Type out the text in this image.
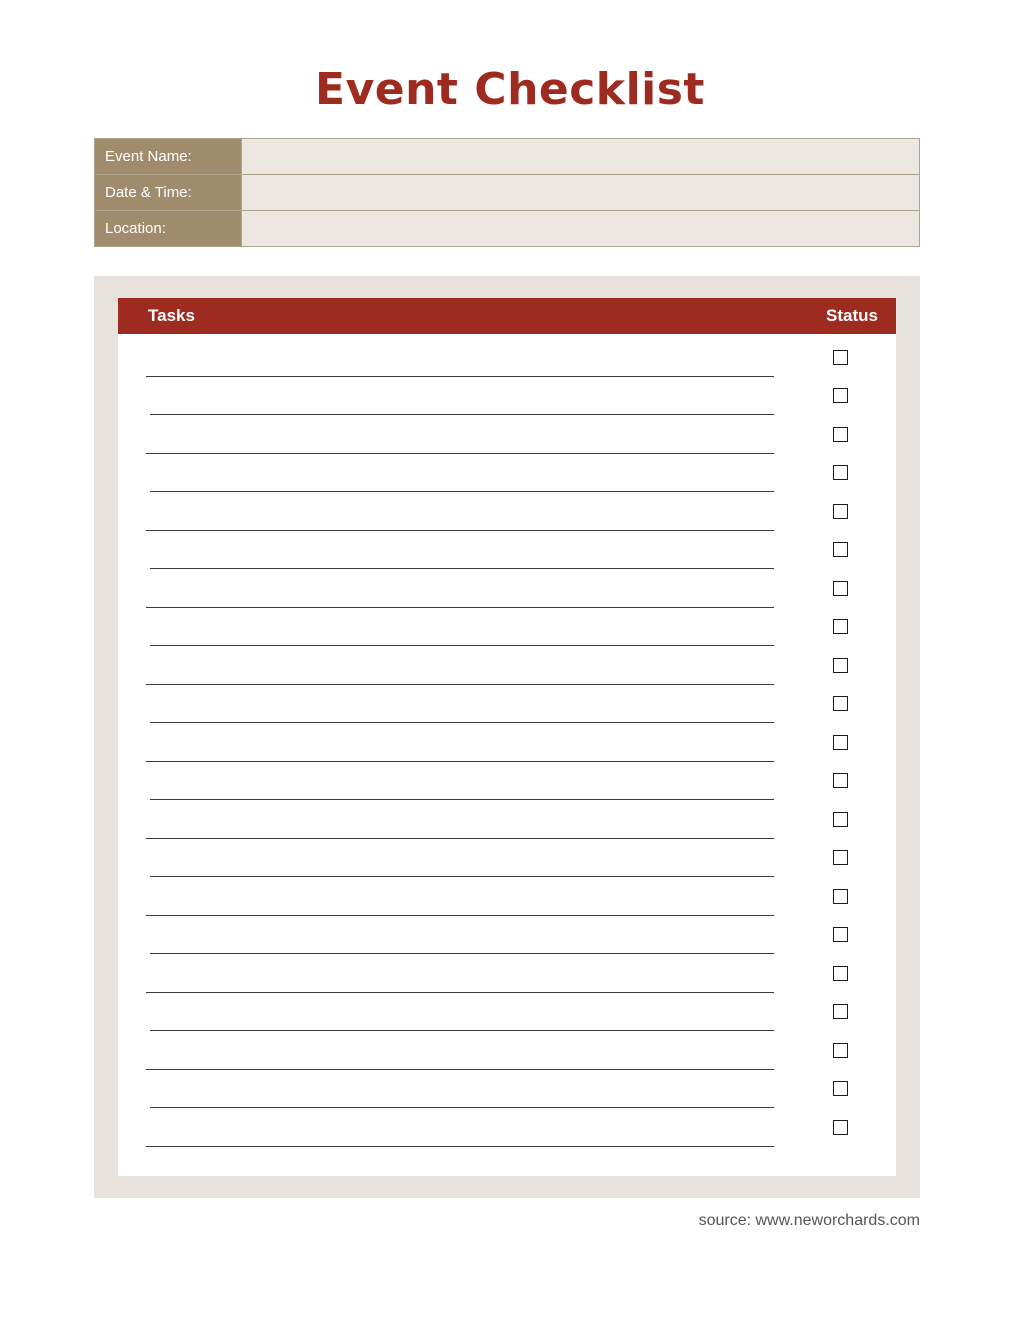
Event Checklist
Event Name:	
Date & Time:	
Location:	
Tasks	Status
source: www.neworchards.com
